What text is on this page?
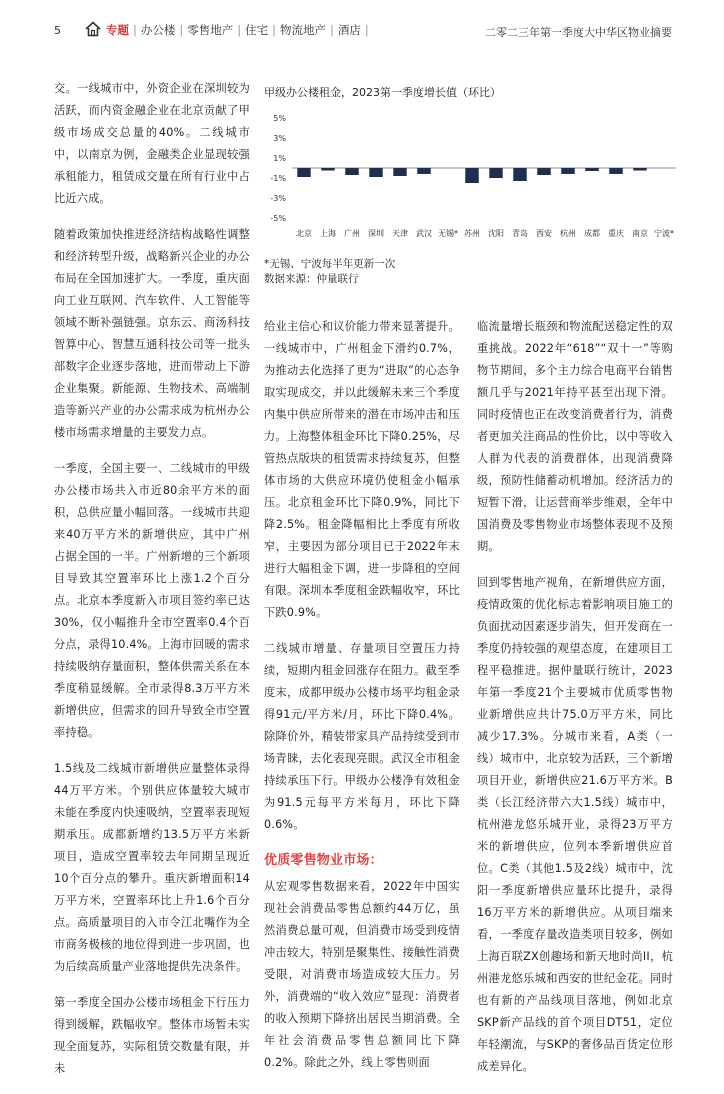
5	专题 | 办公楼 | 零售地产 | 住宅 | 物流地产 | 酒店 |	二零二三年第一季度大中华区物业摘要
甲级办公楼租金，2023第一季度增长值（环比）
5%
3%
1%
-1%
-3%
-5%
北京 上海 广州 深圳 天津 武汉 无锡* 苏州 沈阳 青岛 西安 杭州 成都 重庆 南京 宁波*
*无锡、宁波每半年更新一次
数据来源：仲量联行

交。一线城市中，外资企业在深圳较为活跃，而内资金融企业在北京贡献了甲级市场成交总量的40%。二线城市中，以南京为例，金融类企业显现较强承租能力，租赁成交量在所有行业中占比近六成。

随着政策加快推进经济结构战略性调整和经济转型升级，战略新兴企业的办公布局在全国加速扩大。一季度，重庆面向工业互联网、汽车软件、人工智能等领域不断补强链强。京东云、商汤科技智算中心、智慧互通科技公司等一批头部数字企业逐步落地，进而带动上下游企业集聚。新能源、生物技术、高端制造等新兴产业的办公需求成为杭州办公楼市场需求增量的主要发力点。

一季度，全国主要一、二线城市的甲级办公楼市场共入市近80余平方米的面积，总供应量小幅回落。一线城市共迎来40万平方米的新增供应，其中广州占据全国的一半。广州新增的三个新项目导致其空置率环比上涨1.2个百分点。北京本季度新入市项目签约率已达30%，仅小幅推升全市空置率0.4个百分点，录得10.4%。上海市回暖的需求持续吸纳存量面积，整体供需关系在本季度稍显缓解。全市录得8.3万平方米新增供应，但需求的回升导致全市空置率持稳。

1.5线及二线城市新增供应量整体录得44万平方米。个别供应体量较大城市未能在季度内快速吸纳，空置率表现短期承压。成都新增约13.5万平方米新项目，造成空置率较去年同期呈现近10个百分点的攀升。重庆新增面积14万平方米，空置率环比上升1.6个百分点。高质量项目的入市令江北嘴作为全市商务极核的地位得到进一步巩固，也为后续高质量产业落地提供先决条件。

第一季度全国办公楼市场租金下行压力得到缓解，跌幅收窄。整体市场暂未实现全面复苏，实际租赁交数量有限，并未

给业主信心和议价能力带来显著提升。一线城市中，广州租金下滑约0.7%，为推动去化选择了更为“进取”的心态争取实现成交，并以此缓解未来三个季度内集中供应所带来的潜在市场冲击和压力。上海整体租金环比下降0.25%，尽管热点版块的租赁需求持续复苏，但整体市场的大供应环境仍使租金小幅承压。北京租金环比下降0.9%，同比下降2.5%。租金降幅相比上季度有所收窄，主要因为部分项目已于2022年末进行大幅租金下调，进一步降租的空间有限。深圳本季度租金跌幅收窄，环比下跌0.9%。

二线城市增量、存量项目空置压力持续，短期内租金回涨存在阻力。截至季度末，成都甲级办公楼市场平均租金录得91元/平方米/月，环比下降0.4%。除降价外，精装带家具产品持续受到市场青睐，去化表现亮眼。武汉全市租金持续承压下行。甲级办公楼净有效租金为91.5元每平方米每月，环比下降0.6%。

优质零售物业市场：

从宏观零售数据来看，2022年中国实现社会消费品零售总额约44万亿，虽然消费总量可观，但消费市场受到疫情冲击较大，特别是聚集性、接触性消费受限，对消费市场造成较大压力。另外，消费端的“收入效应”显现：消费者的收入预期下降挤出居民当期消费。全年社会消费品零售总额同比下降0.2%。除此之外，线上零售则面

临流量增长瓶颈和物流配送稳定性的双重挑战。2022年“618”“双十一”等购物节期间，多个主力综合电商平台销售额几乎与2021年持平甚至出现下滑。同时疫情也正在改变消费者行为，消费者更加关注商品的性价比，以中等收入人群为代表的消费群体，出现消费降级，预防性储蓄动机增加。经济活力的短暂下滑，让运营商举步维艰，全年中国消费及零售物业市场整体表现不及预期。

回到零售地产视角，在新增供应方面，疫情政策的优化标志着影响项目施工的负面扰动因素逐步消失，但开发商在一季度仍持较强的观望态度，在建项目工程平稳推进。据仲量联行统计，2023年第一季度21个主要城市优质零售物业新增供应共计75.0万平方米，同比减少17.3%。分城市来看，A类（一线）城市中，北京较为活跃，三个新增项目开业，新增供应21.6万平方米。B类（长江经济带六大1.5线）城市中，杭州港龙悠乐城开业，录得23万平方米的新增供应，位列本季新增供应首位。C类（其他1.5及2线）城市中，沈阳一季度新增供应量环比提升，录得16万平方米的新增供应。从项目端来看，一季度存量改造类项目较多，例如上海百联ZX创趣场和新天地时尚II，杭州港龙悠乐城和西安的世纪金花。同时也有新的产品线项目落地，例如北京SKP新产品线的首个项目DT51，定位年轻潮流，与SKP的奢侈品百货定位形成差异化。
